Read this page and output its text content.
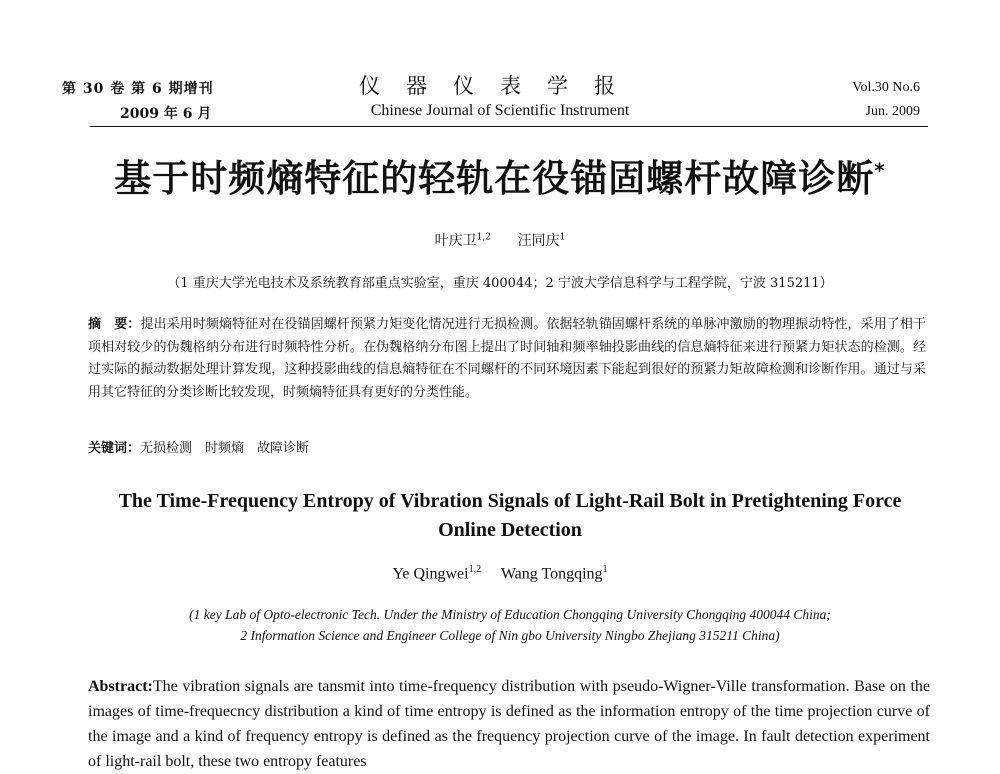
第 30 卷 第 6 期增刊
2009 年 6 月
仪器仪表学报
Chinese Journal of Scientific Instrument
Vol.30 No.6
Jun. 2009
基于时频熵特征的轻轨在役锚固螺杆故障诊断*
叶庆卫$^{1,2}$ 汪同庆$^1$
（1 重庆大学光电技术及系统教育部重点实验室，重庆 400044；2 宁波大学信息科学与工程学院，宁波 315211）
摘　要：提出采用时频熵特征对在役锚固螺杆预紧力矩变化情况进行无损检测。依据轻轨锚固螺杆系统的单脉冲激励的物理振动特性，采用了相干项相对较少的伪魏格纳分布进行时频特性分析。在伪魏格纳分布图上提出了时间轴和频率轴投影曲线的信息熵特征来进行预紧力矩状态的检测。经过实际的振动数据处理计算发现，这种投影曲线的信息熵特征在不同螺杆的不同环境因素下能起到很好的预紧力矩故障检测和诊断作用。通过与采用其它特征的分类诊断比较发现，时频熵特征具有更好的分类性能。
关键词：无损检测　时频熵　故障诊断
The Time-Frequency Entropy of Vibration Signals of Light-Rail Bolt in Pretightening Force Online Detection
Ye Qingwei$^{1,2}$ Wang Tongqing$^1$
(1 key Lab of Opto-electronic Tech. Under the Ministry of Education Chongqing University Chongqing 400044 China;
2 Information Science and Engineer College of Nin gbo University Ningbo Zhejiang 315211 China)
Abstract:The vibration signals are tansmit into time-frequency distribution with pseudo-Wigner-Ville transformation. Base on the images of time-frequecncy distribution a kind of time entropy is defined as the information entropy of the time projection curve of the image and a kind of frequency entropy is defined as the frequency projection curve of the image. In fault detection experiment of light-rail bolt, these two entropy features
